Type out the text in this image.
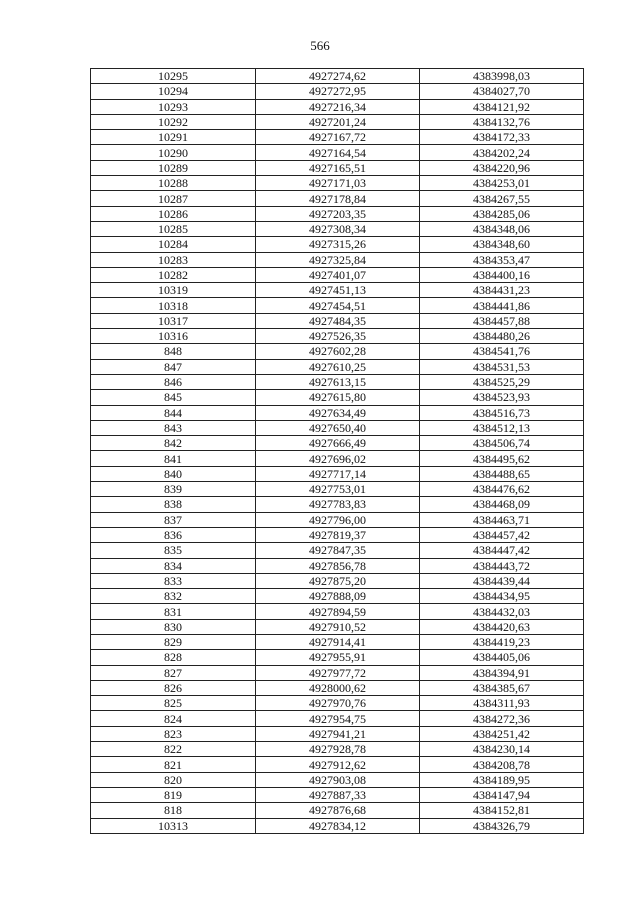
566
10295	4927274,62	4383998,03
10294	4927272,95	4384027,70
10293	4927216,34	4384121,92
10292	4927201,24	4384132,76
10291	4927167,72	4384172,33
10290	4927164,54	4384202,24
10289	4927165,51	4384220,96
10288	4927171,03	4384253,01
10287	4927178,84	4384267,55
10286	4927203,35	4384285,06
10285	4927308,34	4384348,06
10284	4927315,26	4384348,60
10283	4927325,84	4384353,47
10282	4927401,07	4384400,16
10319	4927451,13	4384431,23
10318	4927454,51	4384441,86
10317	4927484,35	4384457,88
10316	4927526,35	4384480,26
848	4927602,28	4384541,76
847	4927610,25	4384531,53
846	4927613,15	4384525,29
845	4927615,80	4384523,93
844	4927634,49	4384516,73
843	4927650,40	4384512,13
842	4927666,49	4384506,74
841	4927696,02	4384495,62
840	4927717,14	4384488,65
839	4927753,01	4384476,62
838	4927783,83	4384468,09
837	4927796,00	4384463,71
836	4927819,37	4384457,42
835	4927847,35	4384447,42
834	4927856,78	4384443,72
833	4927875,20	4384439,44
832	4927888,09	4384434,95
831	4927894,59	4384432,03
830	4927910,52	4384420,63
829	4927914,41	4384419,23
828	4927955,91	4384405,06
827	4927977,72	4384394,91
826	4928000,62	4384385,67
825	4927970,76	4384311,93
824	4927954,75	4384272,36
823	4927941,21	4384251,42
822	4927928,78	4384230,14
821	4927912,62	4384208,78
820	4927903,08	4384189,95
819	4927887,33	4384147,94
818	4927876,68	4384152,81
10313	4927834,12	4384326,79
